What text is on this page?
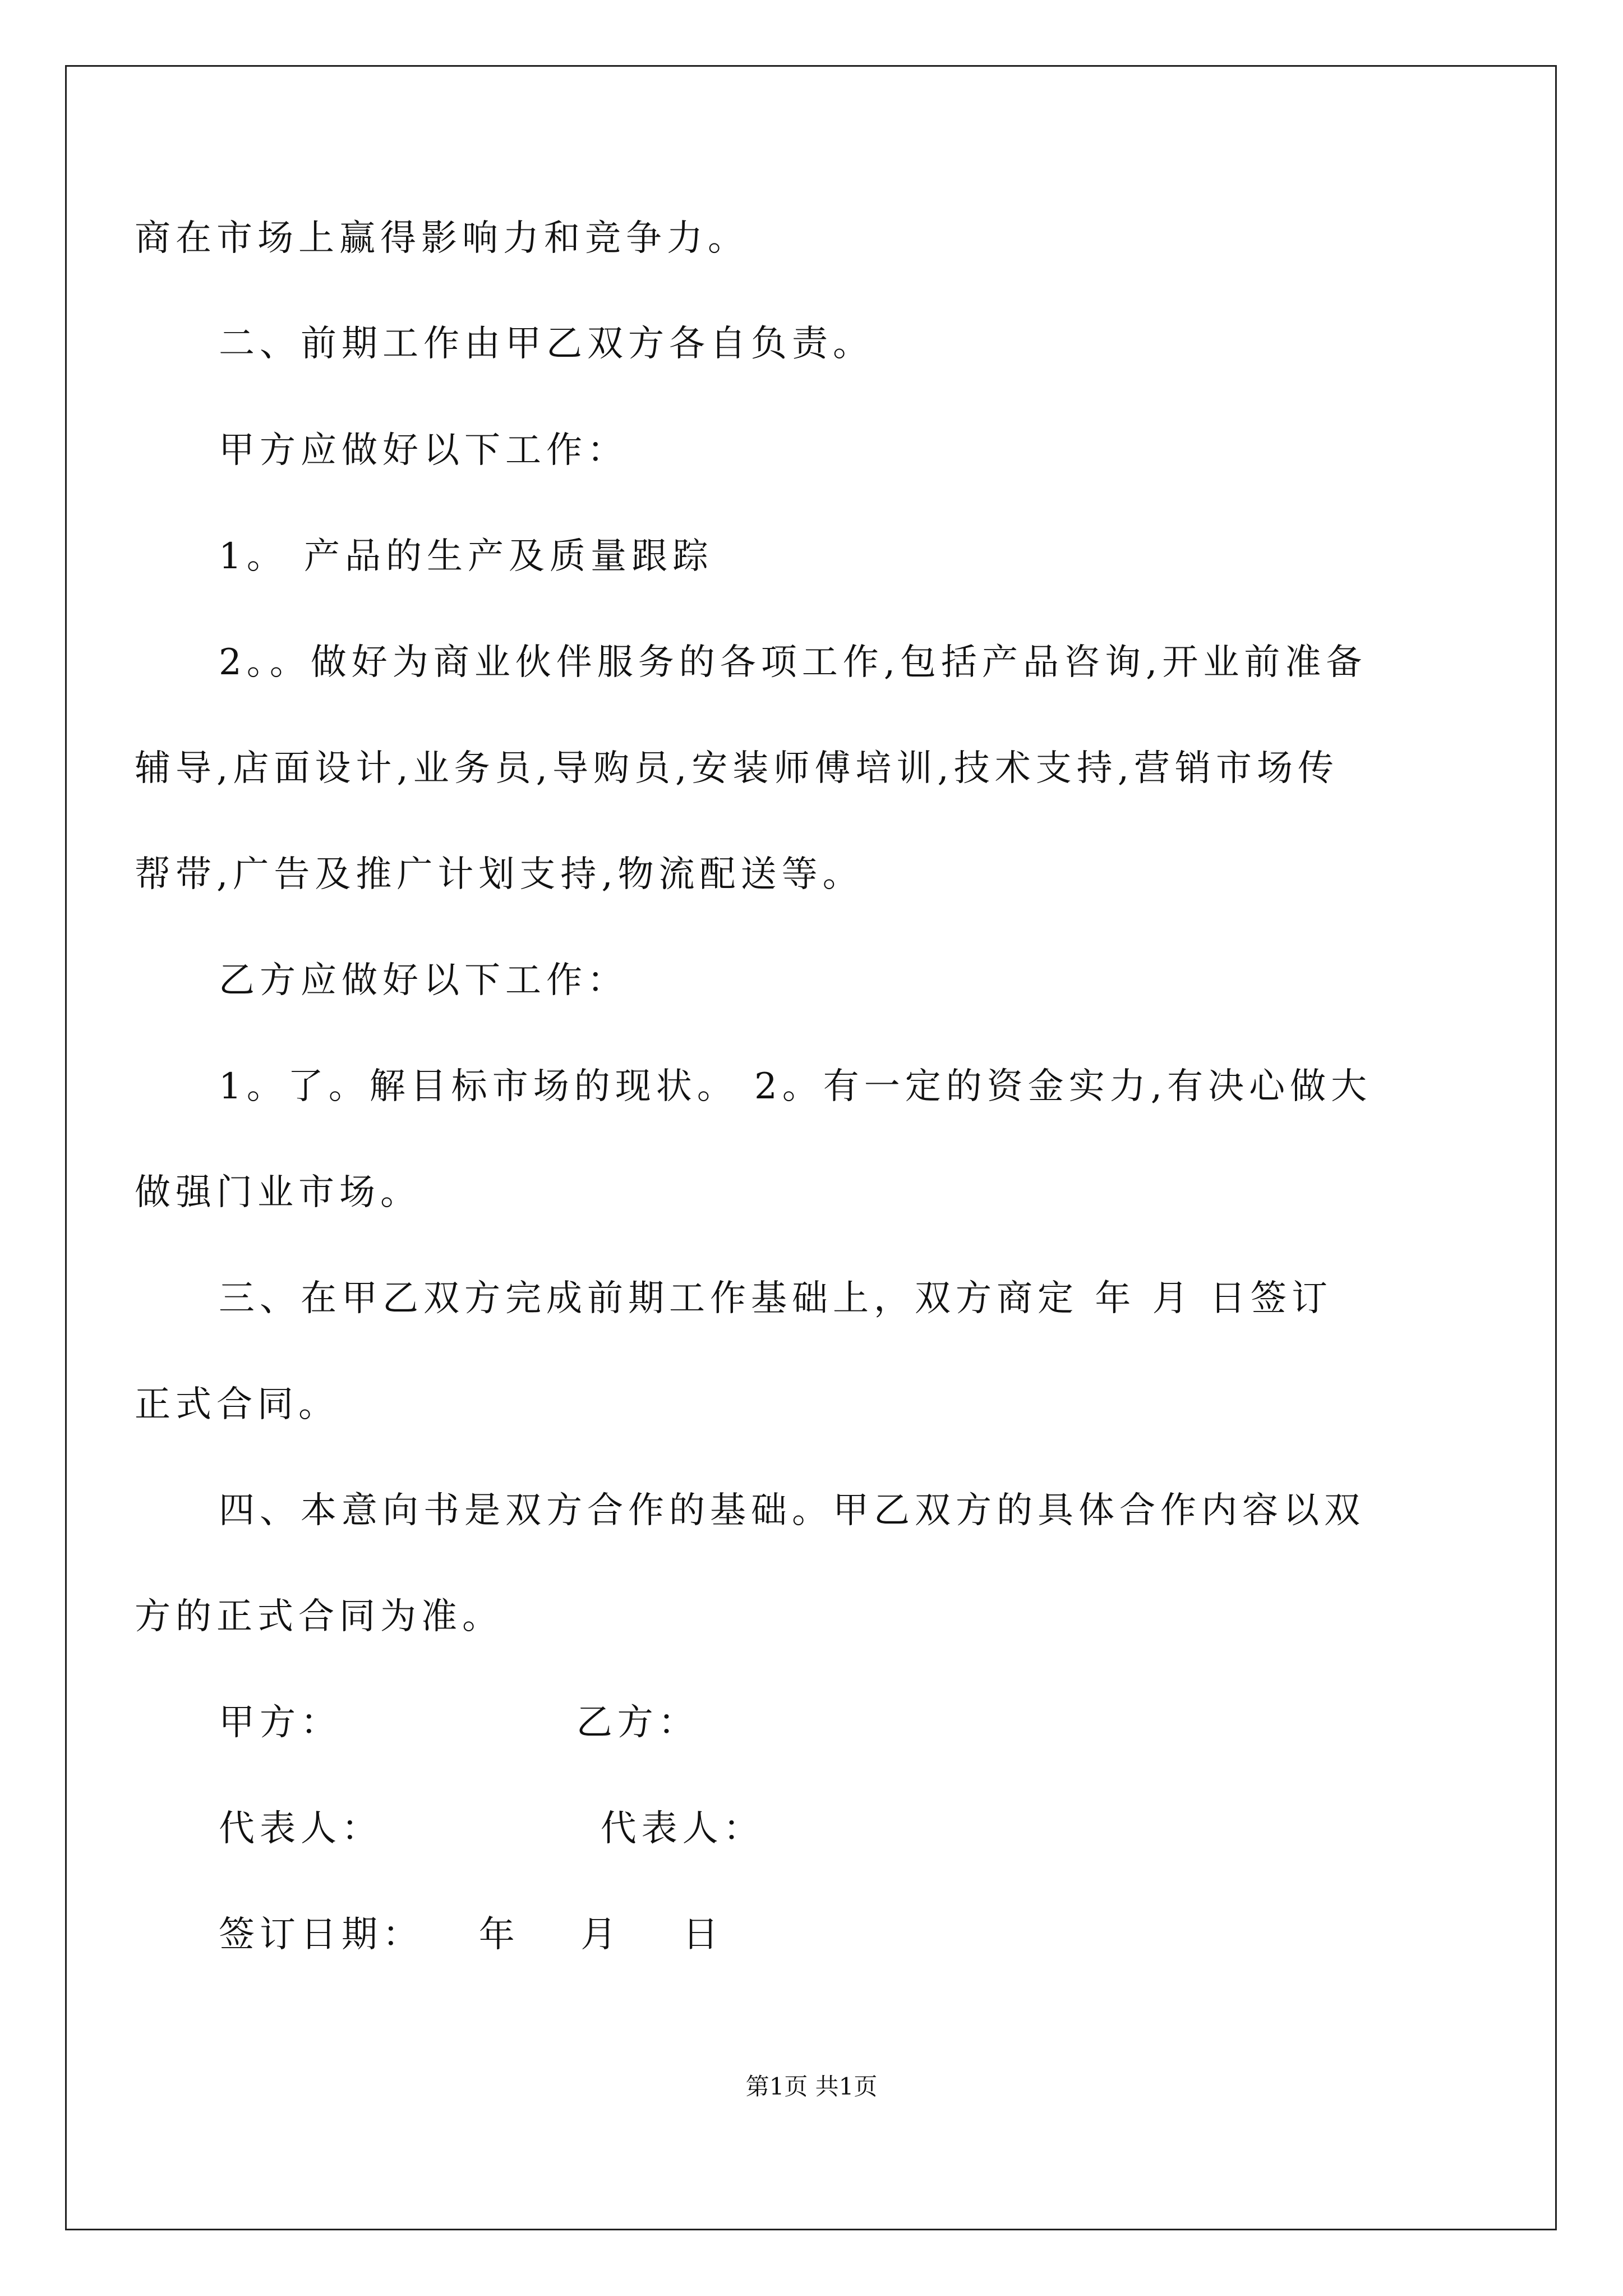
商在市场上赢得影响力和竞争力。
二、前期工作由甲乙双方各自负责。
甲方应做好以下工作：
1。 产品的生产及质量跟踪
2。。做好为商业伙伴服务的各项工作,包括产品咨询,开业前准备
辅导,店面设计,业务员,导购员,安装师傅培训,技术支持,营销市场传
帮带,广告及推广计划支持,物流配送等。
乙方应做好以下工作：
1。了。解目标市场的现状。 2。有一定的资金实力,有决心做大
做强门业市场。
三、在甲乙双方完成前期工作基础上，双方商定 年 月 日签订
正式合同。
四、本意向书是双方合作的基础。甲乙双方的具体合作内容以双
方的正式合同为准。
甲方：	乙方：
代表人：	代表人：
签订日期： 年 月 日
第1页 共1页
